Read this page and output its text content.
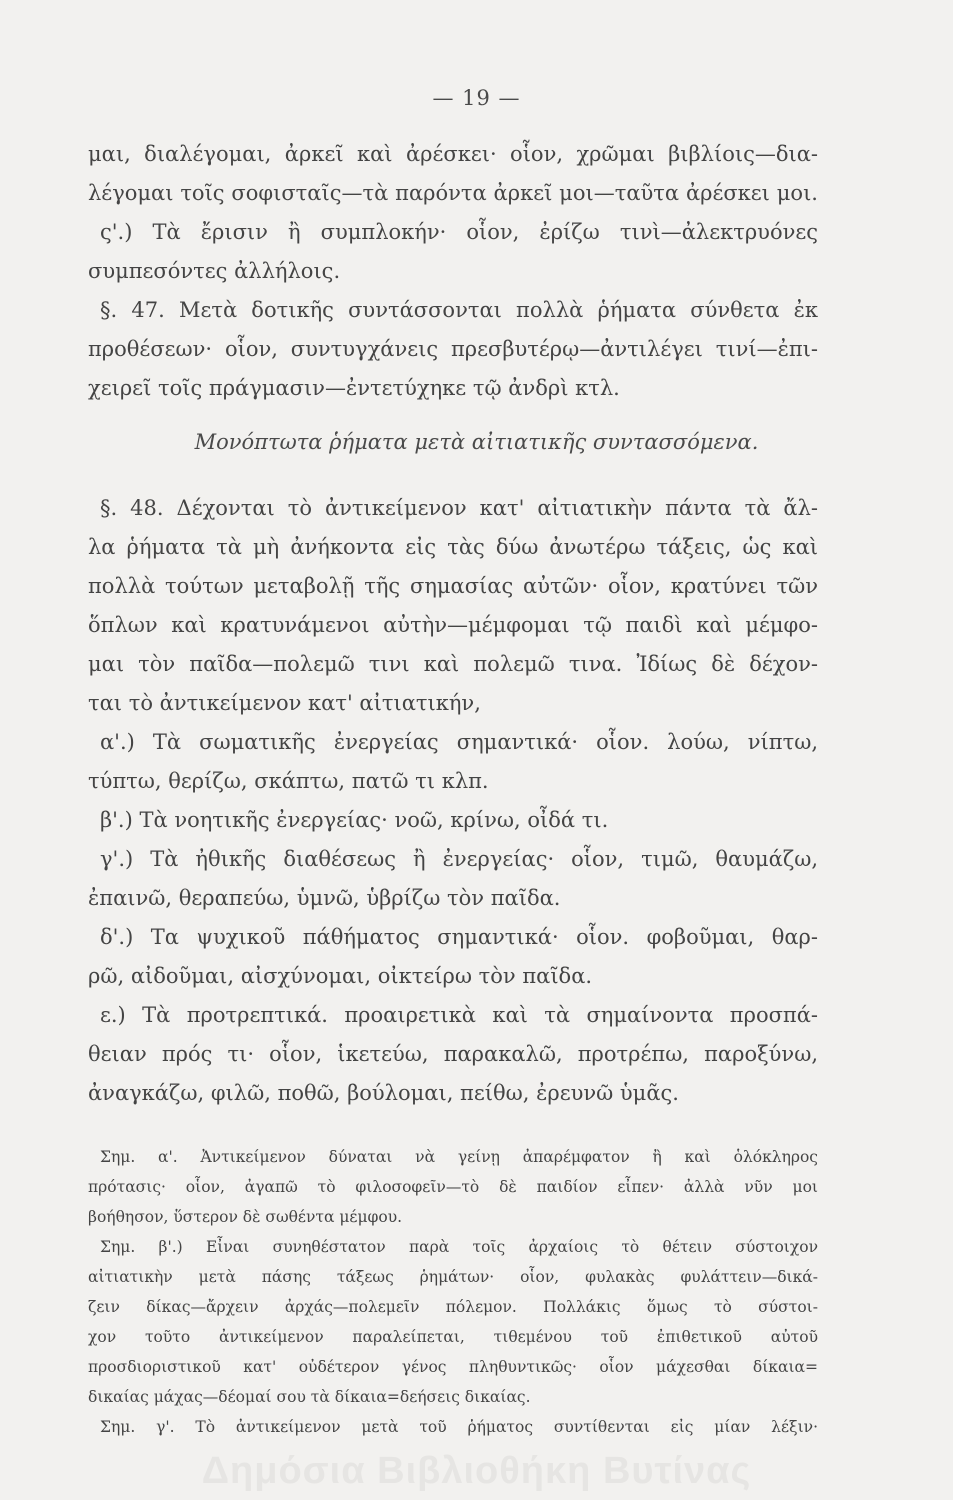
— 19 —
μαι, διαλέγομαι, ἀρκεῖ καὶ ἀρέσκει· οἷον, χρῶμαι βιβλίοις—δια-
λέγομαι τοῖς σοφισταῖς—τὰ παρόντα ἀρκεῖ μοι—ταῦτα ἀρέσκει μοι.
ς'.) Τὰ ἔρισιν ἢ συμπλοκήν· οἷον, ἐρίζω τινὶ—ἀλεκτρυόνες
συμπεσόντες ἀλλήλοις.
§. 47. Μετὰ δοτικῆς συντάσσονται πολλὰ ῥήματα σύνθετα ἐκ
προθέσεων· οἷον, συντυγχάνεις πρεσβυτέρῳ—ἀντιλέγει τινί—ἐπι-
χειρεῖ τοῖς πράγμασιν—ἐντετύχηκε τῷ ἀνδρὶ κτλ.
Μονόπτωτα ῥήματα μετὰ αἰτιατικῆς συντασσόμενα.
§. 48. Δέχονται τὸ ἀντικείμενον κατ' αἰτιατικὴν πάντα τὰ ἄλ-
λα ῥήματα τὰ μὴ ἀνήκοντα εἰς τὰς δύω ἀνωτέρω τάξεις, ὡς καὶ
πολλὰ τούτων μεταβολῇ τῆς σημασίας αὐτῶν· οἷον, κρατύνει τῶν
ὅπλων καὶ κρατυνάμενοι αὐτὴν—μέμφομαι τῷ παιδὶ καὶ μέμφο-
μαι τὸν παῖδα—πολεμῶ τινι καὶ πολεμῶ τινα. Ἰδίως δὲ δέχον-
ται τὸ ἀντικείμενον κατ' αἰτιατικήν,
α'.) Τὰ σωματικῆς ἐνεργείας σημαντικά· οἷον. λούω, νίπτω,
τύπτω, θερίζω, σκάπτω, πατῶ τι κλπ.
β'.) Τὰ νοητικῆς ἐνεργείας· νοῶ, κρίνω, οἶδά τι.
γ'.) Τὰ ἠθικῆς διαθέσεως ἢ ἐνεργείας· οἷον, τιμῶ, θαυμάζω,
ἐπαινῶ, θεραπεύω, ὑμνῶ, ὑβρίζω τὸν παῖδα.
δ'.) Τα ψυχικοῦ πάθήματος σημαντικά· οἷον. φοβοῦμαι, θαρ-
ρῶ, αἰδοῦμαι, αἰσχύνομαι, οἰκτείρω τὸν παῖδα.
ε.) Τὰ προτρεπτικά. προαιρετικὰ καὶ τὰ σημαίνοντα προσπά-
θειαν πρός τι· οἷον, ἱκετεύω, παρακαλῶ, προτρέπω, παροξύνω,
ἀναγκάζω, φιλῶ, ποθῶ, βούλομαι, πείθω, ἐρευνῶ ὑμᾶς.
Σημ. α'. Ἀντικείμενον δύναται νὰ γείνῃ ἀπαρέμφατον ἢ καὶ ὁλόκληρος
πρότασις· οἷον, ἀγαπῶ τὸ φιλοσοφεῖν—τὸ δὲ παιδίον εἶπεν· ἀλλὰ νῦν μοι
βοήθησον, ὕστερον δὲ σωθέντα μέμφου.
Σημ. β'.) Εἶναι συνηθέστατον παρὰ τοῖς ἀρχαίοις τὸ θέτειν σύστοιχον
αἰτιατικὴν μετὰ πάσης τάξεως ῥημάτων· οἷον, φυλακὰς φυλάττειν—δικά-
ζειν δίκας—ἄρχειν ἀρχάς—πολεμεῖν πόλεμον. Πολλάκις ὅμως τὸ σύστοι-
χον τοῦτο ἀντικείμενον παραλείπεται, τιθεμένου τοῦ ἐπιθετικοῦ αὐτοῦ
προσδιοριστικοῦ κατ' οὐδέτερον γένος πληθυντικῶς· οἷον μάχεσθαι δίκαια=
δικαίας μάχας—δέομαί σου τὰ δίκαια=δεήσεις δικαίας.
Σημ. γ'. Τὸ ἀντικείμενον μετὰ τοῦ ῥήματος συντίθενται εἰς μίαν λέξιν·
Δημόσια Βιβλιοθήκη Βυτίνας
